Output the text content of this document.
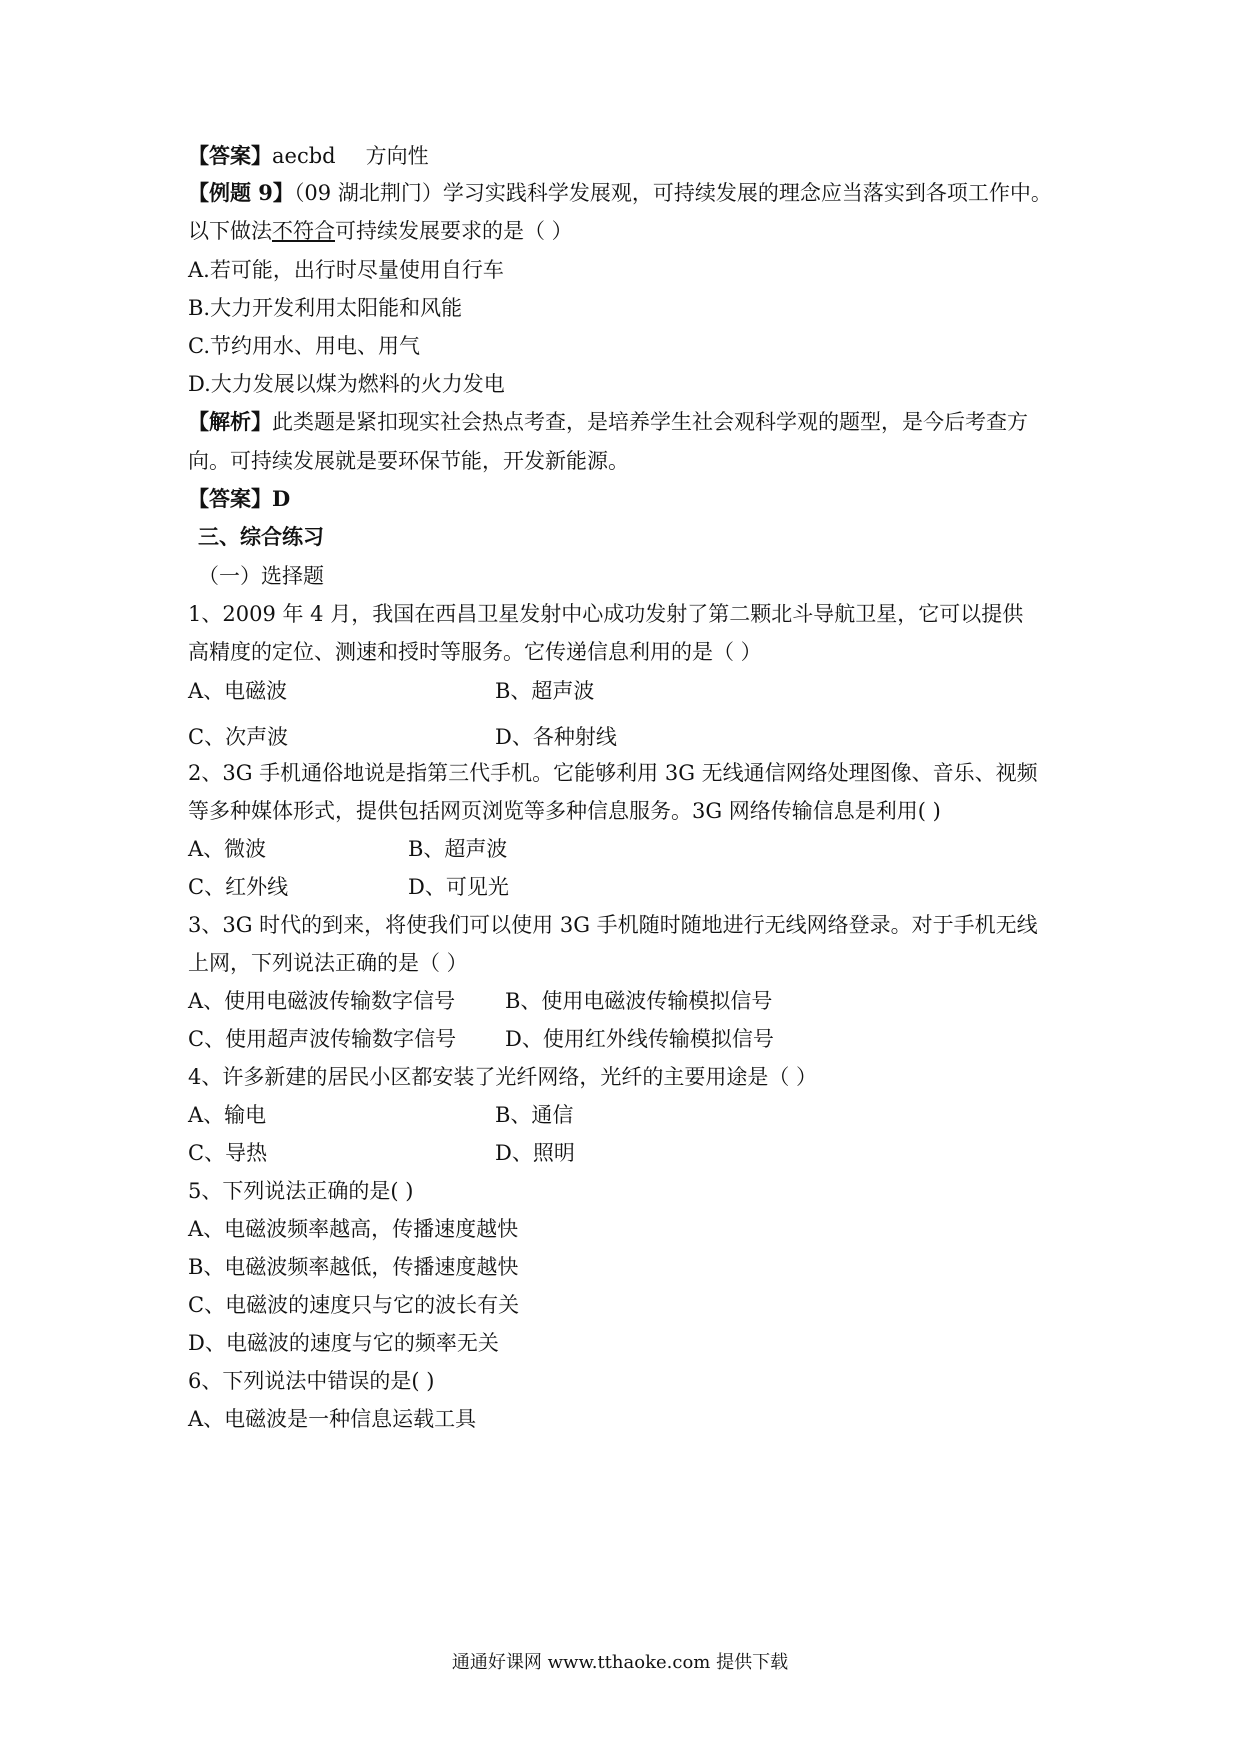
【答案】aecbd 方向性
【例题 9】（09 湖北荆门）学习实践科学发展观，可持续发展的理念应当落实到各项工作中。
以下做法不符合可持续发展要求的是（ ）
A.若可能，出行时尽量使用自行车
B.大力开发利用太阳能和风能
C.节约用水、用电、用气
D.大力发展以煤为燃料的火力发电
【解析】此类题是紧扣现实社会热点考查，是培养学生社会观科学观的题型，是今后考查方
向。可持续发展就是要环保节能，开发新能源。
【答案】D
三、综合练习
（一）选择题
1、2009 年 4 月，我国在西昌卫星发射中心成功发射了第二颗北斗导航卫星，它可以提供
高精度的定位、测速和授时等服务。它传递信息利用的是（ ）
A、电磁波	B、超声波
C、次声波	D、各种射线
2、3G 手机通俗地说是指第三代手机。它能够利用 3G 无线通信网络处理图像、音乐、视频
等多种媒体形式，提供包括网页浏览等多种信息服务。3G 网络传输信息是利用( )
A、微波	B、超声波
C、红外线	D、可见光
3、3G 时代的到来，将使我们可以使用 3G 手机随时随地进行无线网络登录。对于手机无线
上网，下列说法正确的是（ ）
A、使用电磁波传输数字信号 B、使用电磁波传输模拟信号
C、使用超声波传输数字信号 D、使用红外线传输模拟信号
4、许多新建的居民小区都安装了光纤网络，光纤的主要用途是（ ）
A、输电	B、通信
C、导热	D、照明
5、下列说法正确的是( )
A、电磁波频率越高，传播速度越快
B、电磁波频率越低，传播速度越快
C、电磁波的速度只与它的波长有关
D、电磁波的速度与它的频率无关
6、下列说法中错误的是( )
A、电磁波是一种信息运载工具
通通好课网 www.tthaoke.com 提供下载
